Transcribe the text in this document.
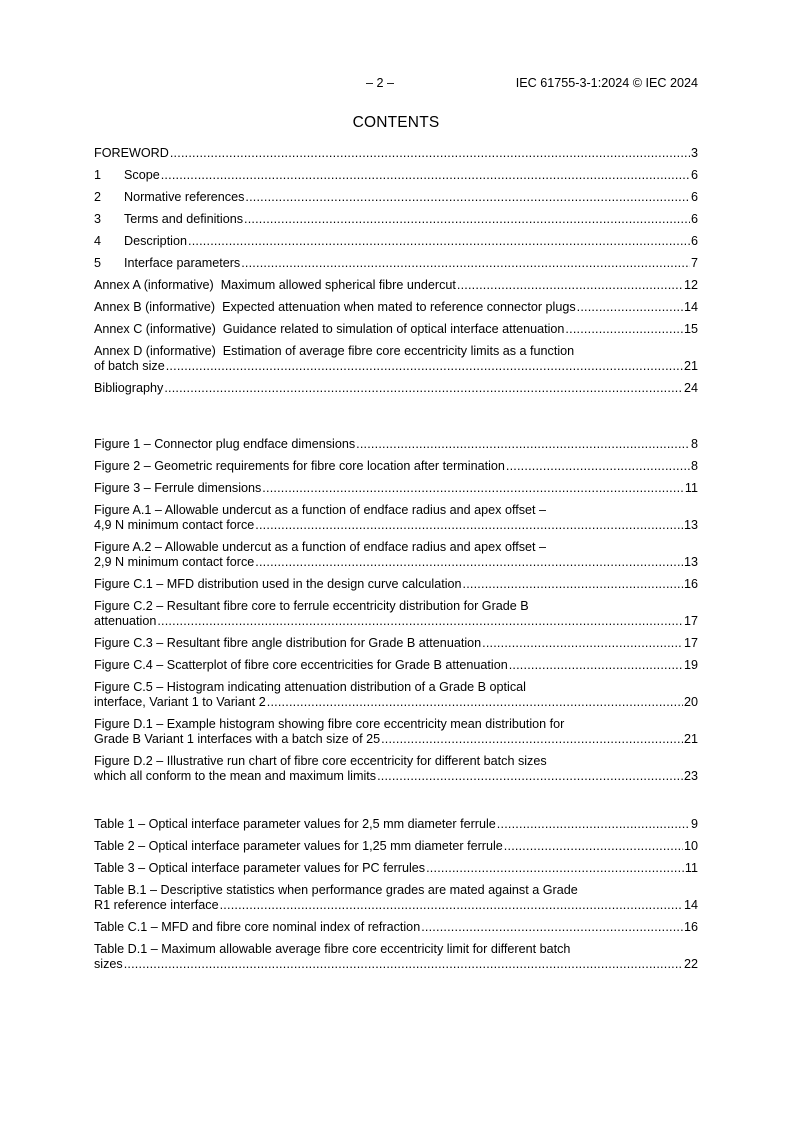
– 2 –	IEC 61755-3-1:2024 © IEC 2024
CONTENTS
FOREWORD .....	3
1	Scope .....	6
2	Normative references .....	6
3	Terms and definitions .....	6
4	Description .....	6
5	Interface parameters .....	7
Annex A (informative)  Maximum allowed spherical fibre undercut .....	12
Annex B (informative)  Expected attenuation when mated to reference connector plugs .....	14
Annex C (informative)  Guidance related to simulation of optical interface attenuation .....	15
Annex D (informative)  Estimation of average fibre core eccentricity limits as a function
of batch size .....	21
Bibliography .....	24
Figure 1 – Connector plug endface dimensions .....	8
Figure 2 – Geometric requirements for fibre core location after termination .....	8
Figure 3 – Ferrule dimensions .....	11
Figure A.1 – Allowable undercut as a function of endface radius and apex offset –
4,9 N minimum contact force .....	13
Figure A.2 – Allowable undercut as a function of endface radius and apex offset –
2,9 N minimum contact force .....	13
Figure C.1 – MFD distribution used in the design curve calculation .....	16
Figure C.2 – Resultant fibre core to ferrule eccentricity distribution for Grade B
attenuation .....	17
Figure C.3 – Resultant fibre angle distribution for Grade B attenuation .....	17
Figure C.4 – Scatterplot of fibre core eccentricities for Grade B attenuation .....	19
Figure C.5 – Histogram indicating attenuation distribution of a Grade B optical
interface, Variant 1 to Variant 2 .....	20
Figure D.1 – Example histogram showing fibre core eccentricity mean distribution for
Grade B Variant 1 interfaces with a batch size of 25 .....	21
Figure D.2 – Illustrative run chart of fibre core eccentricity for different batch sizes
which all conform to the mean and maximum limits .....	23
Table 1 – Optical interface parameter values for 2,5 mm diameter ferrule .....	9
Table 2 – Optical interface parameter values for 1,25 mm diameter ferrule .....	10
Table 3 – Optical interface parameter values for PC ferrules .....	11
Table B.1 – Descriptive statistics when performance grades are mated against a Grade
R1 reference interface .....	14
Table C.1 – MFD and fibre core nominal index of refraction .....	16
Table D.1 – Maximum allowable average fibre core eccentricity limit for different batch
sizes .....	22
